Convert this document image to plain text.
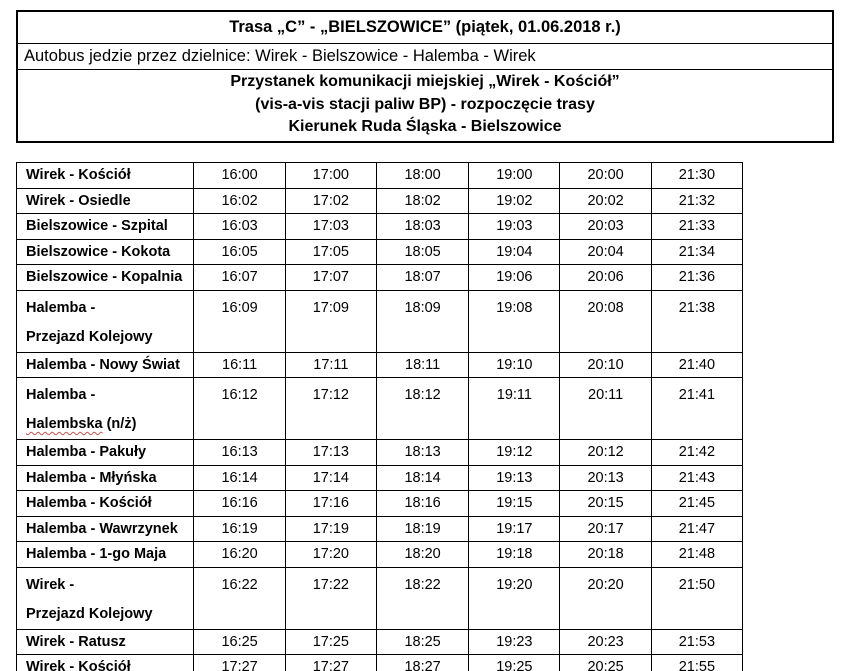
Trasa „C” - „BIELSZOWICE” (piątek, 01.06.2018 r.)
Autobus jedzie przez dzielnice: Wirek - Bielszowice - Halemba - Wirek
Przystanek komunikacji miejskiej „Wirek - Kościół”
(vis-a-vis stacji paliw BP) - rozpoczęcie trasy
Kierunek Ruda Śląska - Bielszowice
Wirek - Kościół	16:00	17:00	18:00	19:00	20:00	21:30

Wirek - Osiedle	16:02	17:02	18:02	19:02	20:02	21:32

Bielszowice - Szpital	16:03	17:03	18:03	19:03	20:03	21:33

Bielszowice - Kokota	16:05	17:05	18:05	19:04	20:04	21:34

Bielszowice - Kopalnia	16:07	17:07	18:07	19:06	20:06	21:36

Halemba -
Przejazd Kolejowy	16:09	17:09	18:09	19:08	20:08	21:38

Halemba - Nowy Świat	16:11	17:11	18:11	19:10	20:10	21:40

Halemba -
Halembska (n/ż)	16:12	17:12	18:12	19:11	20:11	21:41

Halemba - Pakuły	16:13	17:13	18:13	19:12	20:12	21:42

Halemba - Młyńska	16:14	17:14	18:14	19:13	20:13	21:43

Halemba - Kościół	16:16	17:16	18:16	19:15	20:15	21:45

Halemba - Wawrzynek	16:19	17:19	18:19	19:17	20:17	21:47

Halemba - 1-go Maja	16:20	17:20	18:20	19:18	20:18	21:48

Wirek -
Przejazd Kolejowy	16:22	17:22	18:22	19:20	20:20	21:50

Wirek - Ratusz	16:25	17:25	18:25	19:23	20:23	21:53

Wirek - Kościół	17:27	17:27	18:27	19:25	20:25	21:55
